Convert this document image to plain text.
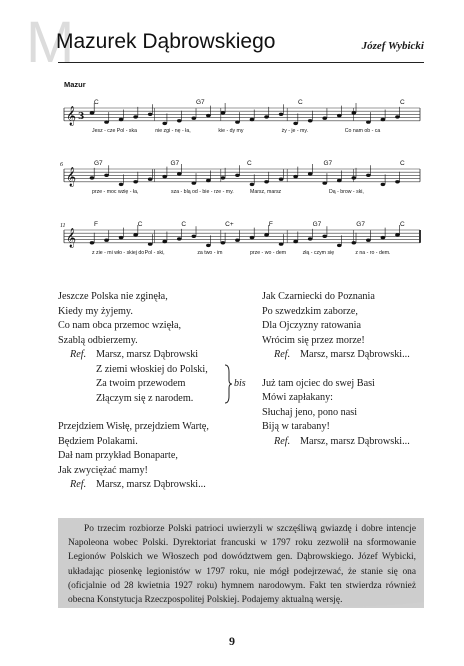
M
Mazurek Dąbrowskiego	Józef Wybicki
Mazur
𝄞 3
C	G7	C	C
Jesz - cze Pol - ska	nie zgi - nę - ła,	kie - dy my	ży - je - my.	Co nam ob - ca
𝄞
6	G7	G7	C	G7	C
prze - moc wzię - ła,	sza - blą od - bie - rze - my.	Marsz, marsz	Dą - brow - ski,
𝄞
11	F	C	C	C+	F	G7	G7	C
z zie - mi wło - skiej do Pol - ski,	za two - im	prze - wo - dem	złą - czym się	z na - ro - dem.
Jeszcze Polska nie zginęła,
Kiedy my żyjemy.
Co nam obca przemoc wzięła,
Szablą odbierzemy.
Ref. Marsz, marsz Dąbrowski
Z ziemi włoskiej do Polski,
Za twoim przewodem
Złączym się z narodem.
bis
Przejdziem Wisłę, przejdziem Wartę,
Będziem Polakami.
Dał nam przykład Bonaparte,
Jak zwyciężać mamy!
Ref. Marsz, marsz Dąbrowski...
Jak Czarniecki do Poznania
Po szwedzkim zaborze,
Dla Ojczyzny ratowania
Wrócim się przez morze!
Ref. Marsz, marsz Dąbrowski...
Już tam ojciec do swej Basi
Mówi zapłakany:
Słuchaj jeno, pono nasi
Biją w tarabany!
Ref. Marsz, marsz Dąbrowski...
Po trzecim rozbiorze Polski patrioci uwierzyli w szczęśliwą gwiazdę i dobre intencje Napoleona wobec Polski. Dyrektoriat francuski w 1797 roku zezwolił na sformowanie Legionów Polskich we Włoszech pod dowództwem gen. Dąbrowskiego. Józef Wybicki, układając piosenkę legionistów w 1797 roku, nie mógł podejrzewać, że stanie się ona (oficjalnie od 28 kwietnia 1927 roku) hymnem narodowym. Fakt ten stwierdza również obecna Konstytucja Rzeczpospolitej Polskiej. Podajemy aktualną wersję.
9
